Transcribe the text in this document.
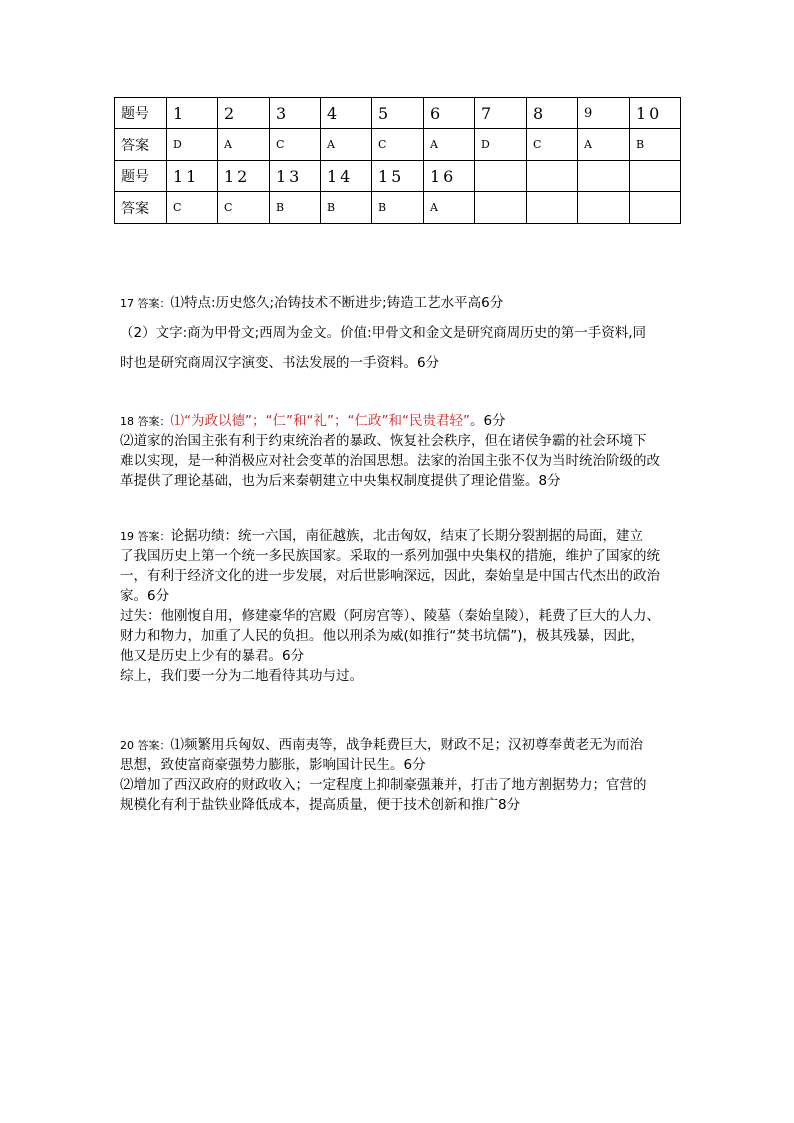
题号	1	2	3	4	5	6	7	8	9	10
答案	D	A	C	A	C	A	D	C	A	B
题号	11	12	13	14	15	16				
答案	C	C	B	B	B	A				
17 答案：⑴特点:历史悠久;冶铸技术不断进步;铸造工艺水平高6分
（2）文字:商为甲骨文;西周为金文。价值:甲骨文和金文是研究商周历史的第一手资料,同
时也是研究商周汉字演变、书法发展的一手资料。6分
18 答案：⑴“为政以德”；“仁”和“礼”；“仁政”和“民贵君轻”。6分
⑵道家的治国主张有利于约束统治者的暴政、恢复社会秩序，但在诸侯争霸的社会环境下
难以实现，是一种消极应对社会变革的治国思想。法家的治国主张不仅为当时统治阶级的改
革提供了理论基础，也为后来秦朝建立中央集权制度提供了理论借鉴。8分
19 答案：论据功绩：统一六国，南征越族，北击匈奴，结束了长期分裂割据的局面，建立
了我国历史上第一个统一多民族国家。采取的一系列加强中央集权的措施，维护了国家的统
一，有利于经济文化的进一步发展，对后世影响深远，因此，秦始皇是中国古代杰出的政治
家。6分
过失：他刚愎自用，修建豪华的宫殿（阿房宫等）、陵墓（秦始皇陵），耗费了巨大的人力、
财力和物力，加重了人民的负担。他以刑杀为威(如推行“焚书坑儒”)，极其残暴，因此，
他又是历史上少有的暴君。6分
综上，我们要一分为二地看待其功与过。
20 答案：⑴频繁用兵匈奴、西南夷等，战争耗费巨大，财政不足；汉初尊奉黄老无为而治
思想，致使富商豪强势力膨胀，影响国计民生。6分
⑵增加了西汉政府的财政收入；一定程度上抑制豪强兼并，打击了地方割据势力；官营的
规模化有利于盐铁业降低成本，提高质量，便于技术创新和推广8分
